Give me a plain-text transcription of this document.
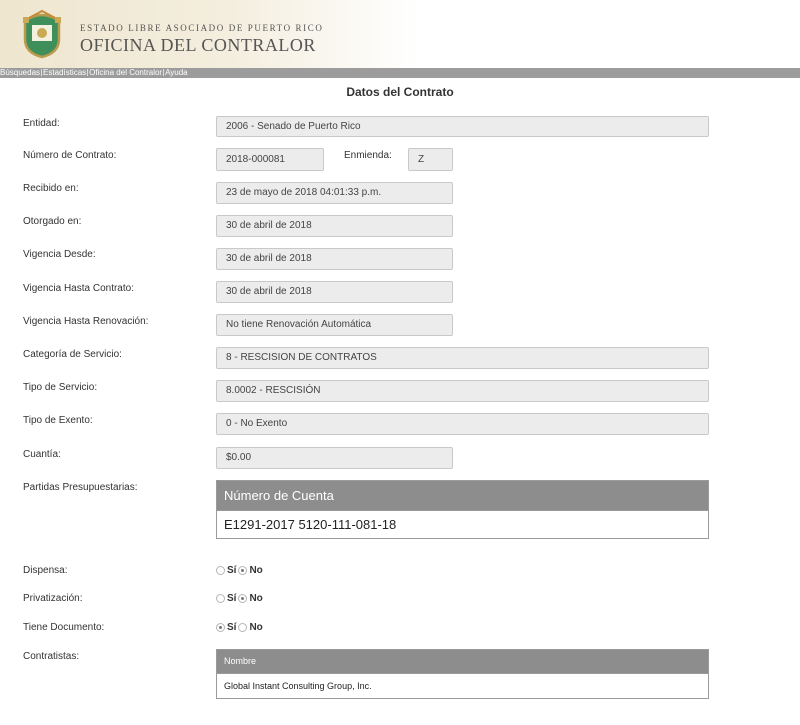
ESTADO LIBRE ASOCIADO DE PUERTO RICO
OFICINA DEL CONTRALOR
Búsquedas Estadísticas Oficina del Contralor Ayuda
Datos del Contrato
Entidad:	2006 - Senado de Puerto Rico
Número de Contrato:	2018-000081	Enmienda:	Z
Recibido en:	23 de mayo de 2018 04:01:33 p.m.
Otorgado en:	30 de abril de 2018
Vigencia Desde:	30 de abril de 2018
Vigencia Hasta Contrato:	30 de abril de 2018
Vigencia Hasta Renovación:	No tiene Renovación Automática
Categoría de Servicio:	8 - RESCISION DE CONTRATOS
Tipo de Servicio:	8.0002 - RESCISIÓN
Tipo de Exento:	0 - No Exento
Cuantía:	$0.00
Partidas Presupuestarias:
Número de Cuenta
E1291-2017 5120-111-081-18
Dispensa:	Sí No
Privatización:	Sí No
Tiene Documento:	Sí No
Contratistas:	Nombre
Global Instant Consulting Group, Inc.
